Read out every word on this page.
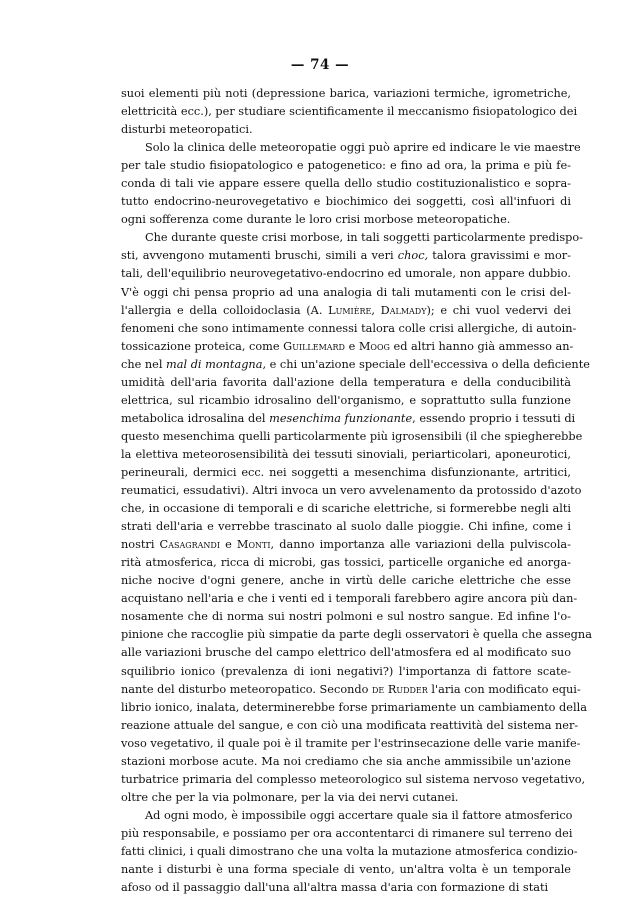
— 74 —
suoi elementi più noti (depressione barica, variazioni termiche, igrometriche,
elettricità ecc.), per studiare scientificamente il meccanismo fisiopatologico dei
disturbi meteoropatici.
Solo la clinica delle meteoropatie oggi può aprire ed indicare le vie maestre
per tale studio fisiopatologico e patogenetico: e fino ad ora, la prima e più fe-
conda di tali vie appare essere quella dello studio costituzionalistico e sopra-
tutto endocrino-neurovegetativo e biochimico dei soggetti, così all'infuori di
ogni sofferenza come durante le loro crisi morbose meteoropatiche.
Che durante queste crisi morbose, in tali soggetti particolarmente predispo-
sti, avvengono mutamenti bruschi, simili a veri choc, talora gravissimi e mor-
tali, dell'equilibrio neurovegetativo-endocrino ed umorale, non appare dubbio.
V'è oggi chi pensa proprio ad una analogia di tali mutamenti con le crisi del-
l'allergia e della colloidoclasia (A. Lumière, Dalmady); e chi vuol vedervi dei
fenomeni che sono intimamente connessi talora colle crisi allergiche, di autoin-
tossicazione proteica, come Guillemard e Moog ed altri hanno già ammesso an-
che nel mal di montagna, e chi un'azione speciale dell'eccessiva o della deficiente
umidità dell'aria favorita dall'azione della temperatura e della conducibilità
elettrica, sul ricambio idrosalino dell'organismo, e soprattutto sulla funzione
metabolica idrosalina del mesenchima funzionante, essendo proprio i tessuti di
questo mesenchima quelli particolarmente più igrosensibili (il che spiegherebbe
la elettiva meteorosensibilità dei tessuti sinoviali, periarticolari, aponeurotici,
perineurali, dermici ecc. nei soggetti a mesenchima disfunzionante, artritici,
reumatici, essudativi). Altri invoca un vero avvelenamento da protossido d'azoto
che, in occasione di temporali e di scariche elettriche, si formerebbe negli alti
strati dell'aria e verrebbe trascinato al suolo dalle pioggie. Chi infine, come i
nostri Casagrandi e Monti, danno importanza alle variazioni della pulviscola-
rità atmosferica, ricca di microbi, gas tossici, particelle organiche ed anorga-
niche nocive d'ogni genere, anche in virtù delle cariche elettriche che esse
acquistano nell'aria e che i venti ed i temporali farebbero agire ancora più dan-
nosamente che di norma sui nostri polmoni e sul nostro sangue. Ed infine l'o-
pinione che raccoglie più simpatie da parte degli osservatori è quella che assegna
alle variazioni brusche del campo elettrico dell'atmosfera ed al modificato suo
squilibrio ionico (prevalenza di ioni negativi?) l'importanza di fattore scate-
nante del disturbo meteoropatico. Secondo de Rudder l'aria con modificato equi-
librio ionico, inalata, determinerebbe forse primariamente un cambiamento della
reazione attuale del sangue, e con ciò una modificata reattività del sistema ner-
voso vegetativo, il quale poi è il tramite per l'estrinsecazione delle varie manife-
stazioni morbose acute. Ma noi crediamo che sia anche ammissibile un'azione
turbatrice primaria del complesso meteorologico sul sistema nervoso vegetativo,
oltre che per la via polmonare, per la via dei nervi cutanei.
Ad ogni modo, è impossibile oggi accertare quale sia il fattore atmosferico
più responsabile, e possiamo per ora accontentarci di rimanere sul terreno dei
fatti clinici, i quali dimostrano che una volta la mutazione atmosferica condizio-
nante i disturbi è una forma speciale di vento, un'altra volta è un temporale
afoso od il passaggio dall'una all'altra massa d'aria con formazione di stati
